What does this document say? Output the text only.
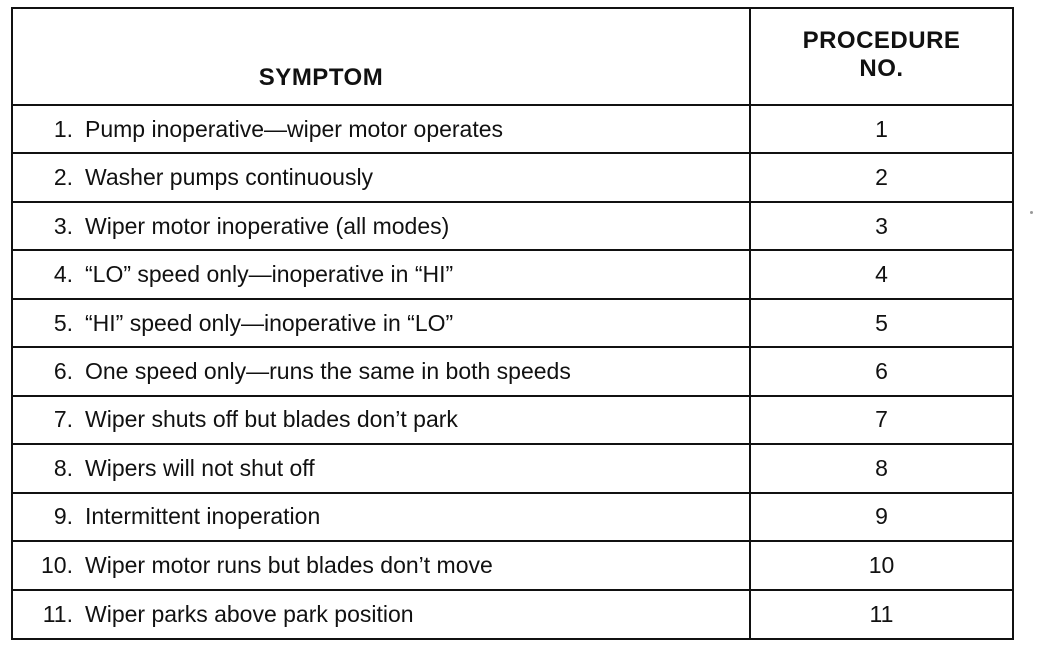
SYMPTOM	PROCEDURE
NO.

1. Pump inoperative—wiper motor operates	1
2. Washer pumps continuously	2
3. Wiper motor inoperative (all modes)	3
4. “LO” speed only—inoperative in “HI”	4
5. “HI” speed only—inoperative in “LO”	5
6. One speed only—runs the same in both speeds	6
7. Wiper shuts off but blades don’t park	7
8. Wipers will not shut off	8
9. Intermittent inoperation	9
10. Wiper motor runs but blades don’t move	10
11. Wiper parks above park position	11
